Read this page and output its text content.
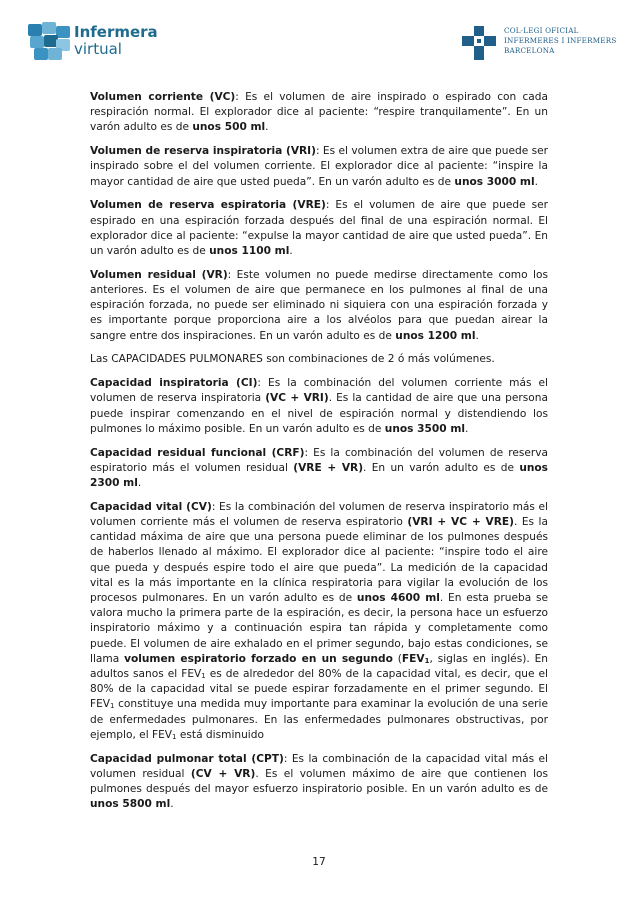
Infermera
virtual
COL·LEGI OFICIAL
INFERMERES I INFERMERS
BARCELONA

Volumen corriente (VC): Es el volumen de aire inspirado o espirado con cada respiración normal. El explorador dice al paciente: “respire tranquilamente”. En un varón adulto es de unos 500 ml.

Volumen de reserva inspiratoria (VRI): Es el volumen extra de aire que puede ser inspirado sobre el del volumen corriente. El explorador dice al paciente: “inspire la mayor cantidad de aire que usted pueda”. En un varón adulto es de unos 3000 ml.

Volumen de reserva espiratoria (VRE): Es el volumen de aire que puede ser espirado en una espiración forzada después del final de una espiración normal. El explorador dice al paciente: “expulse la mayor cantidad de aire que usted pueda”. En un varón adulto es de unos 1100 ml.

Volumen residual (VR): Este volumen no puede medirse directamente como los anteriores. Es el volumen de aire que permanece en los pulmones al final de una espiración forzada, no puede ser eliminado ni siquiera con una espiración forzada y es importante porque proporciona aire a los alvéolos para que puedan airear la sangre entre dos inspiraciones. En un varón adulto es de unos 1200 ml.

Las CAPACIDADES PULMONARES son combinaciones de 2 ó más volúmenes.

Capacidad inspiratoria (CI): Es la combinación del volumen corriente más el volumen de reserva inspiratoria (VC + VRI). Es la cantidad de aire que una persona puede inspirar comenzando en el nivel de espiración normal y distendiendo los pulmones lo máximo posible. En un varón adulto es de unos 3500 ml.

Capacidad residual funcional (CRF): Es la combinación del volumen de reserva espiratorio más el volumen residual (VRE + VR). En un varón adulto es de unos 2300 ml.

Capacidad vital (CV): Es la combinación del volumen de reserva inspiratorio más el volumen corriente más el volumen de reserva espiratorio (VRI + VC + VRE). Es la cantidad máxima de aire que una persona puede eliminar de los pulmones después de haberlos llenado al máximo. El explorador dice al paciente: “inspire todo el aire que pueda y después espire todo el aire que pueda”. La medición de la capacidad vital es la más importante en la clínica respiratoria para vigilar la evolución de los procesos pulmonares. En un varón adulto es de unos 4600 ml. En esta prueba se valora mucho la primera parte de la espiración, es decir, la persona hace un esfuerzo inspiratorio máximo y a continuación espira tan rápida y completamente como puede. El volumen de aire exhalado en el primer segundo, bajo estas condiciones, se llama volumen espiratorio forzado en un segundo ($FEV_1$, siglas en inglés). En adultos sanos el $FEV_1$ es de alrededor del 80% de la capacidad vital, es decir, que el 80% de la capacidad vital se puede espirar forzadamente en el primer segundo. El $FEV_1$ constituye una medida muy importante para examinar la evolución de una serie de enfermedades pulmonares. En las enfermedades pulmonares obstructivas, por ejemplo, el $FEV_1$ está disminuido

Capacidad pulmonar total (CPT): Es la combinación de la capacidad vital más el volumen residual (CV + VR). Es el volumen máximo de aire que contienen los pulmones después del mayor esfuerzo inspiratorio posible. En un varón adulto es de unos 5800 ml.

17
